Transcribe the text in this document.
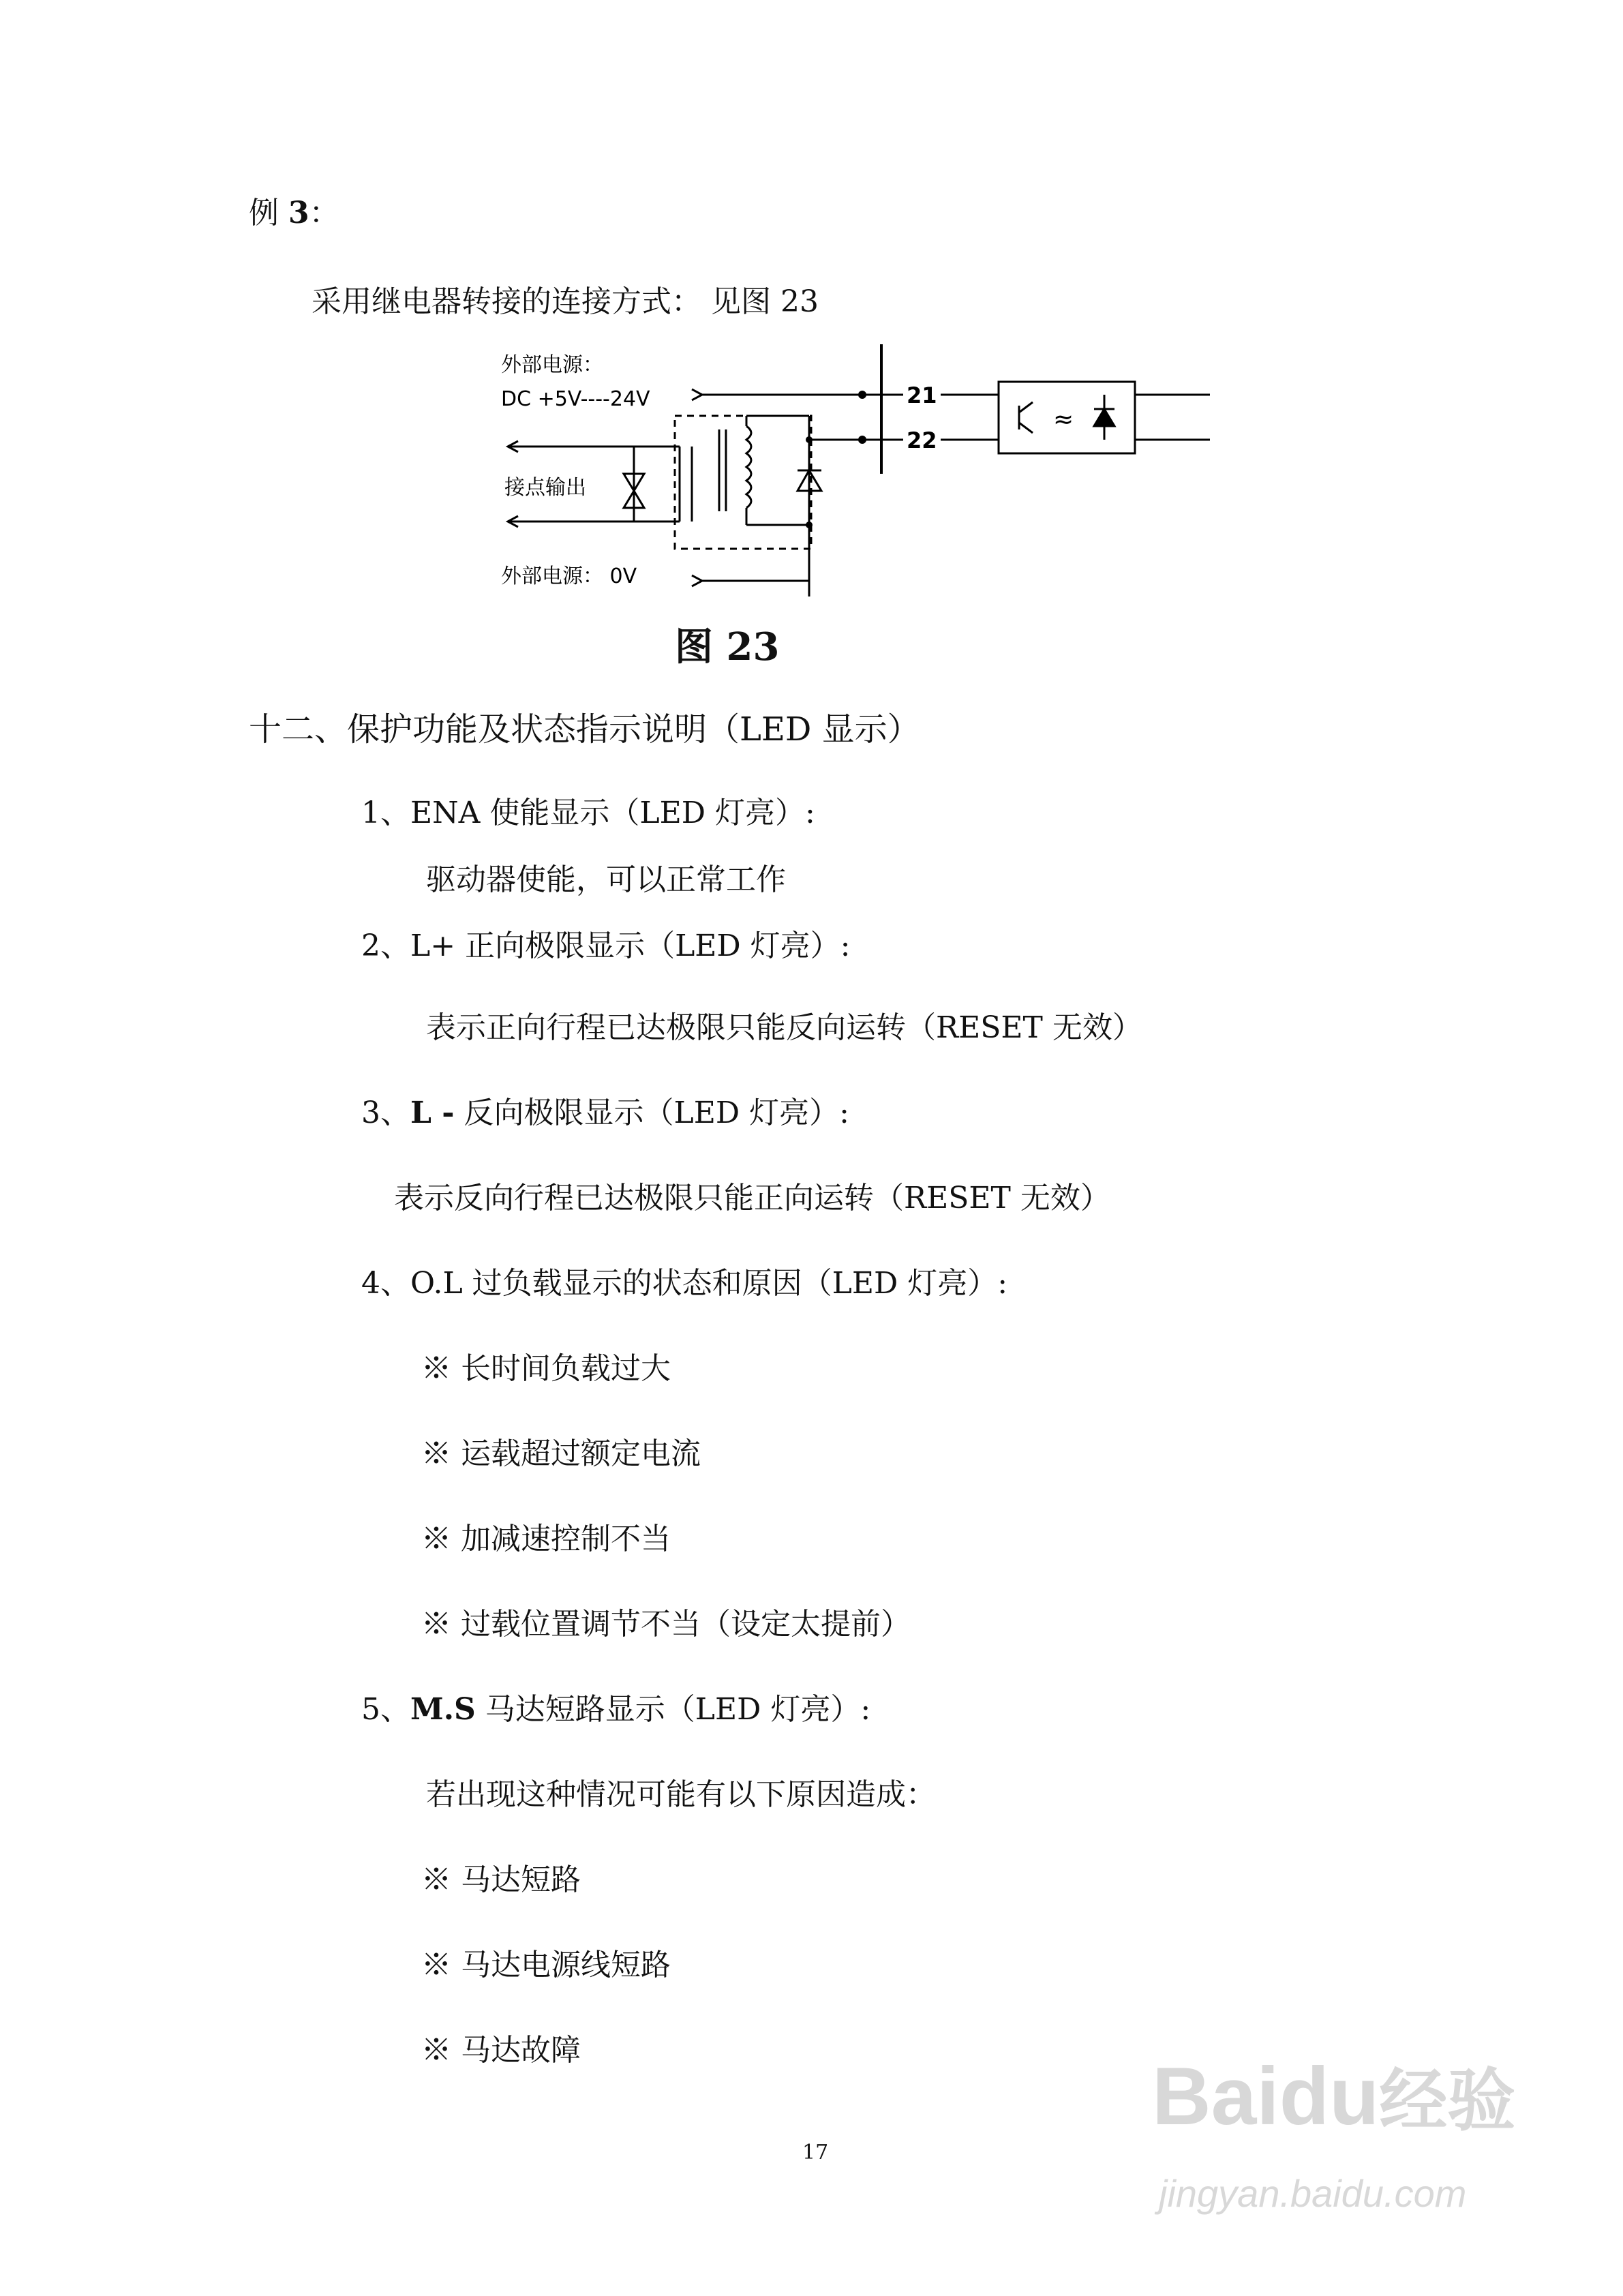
例 3：
采用继电器转接的连接方式： 见图 23
外部电源：
DC +5V----24V
接点输出
外部电源： 0V
21
22
≈
图 23
十二、保护功能及状态指示说明（LED 显示）
1、ENA 使能显示（LED 灯亮）:
驱动器使能，可以正常工作
2、L+ 正向极限显示（LED 灯亮）:
表示正向行程已达极限只能反向运转（RESET 无效）
3、L - 反向极限显示（LED 灯亮）:
表示反向行程已达极限只能正向运转（RESET 无效）
4、O.L 过负载显示的状态和原因（LED 灯亮）:
※ 长时间负载过大
※ 运载超过额定电流
※ 加减速控制不当
※ 过载位置调节不当（设定太提前）
5、M.S 马达短路显示（LED 灯亮）:
若出现这种情况可能有以下原因造成：
※ 马达短路
※ 马达电源线短路
※ 马达故障
17
Baidu经验
jingyan.baidu.com
